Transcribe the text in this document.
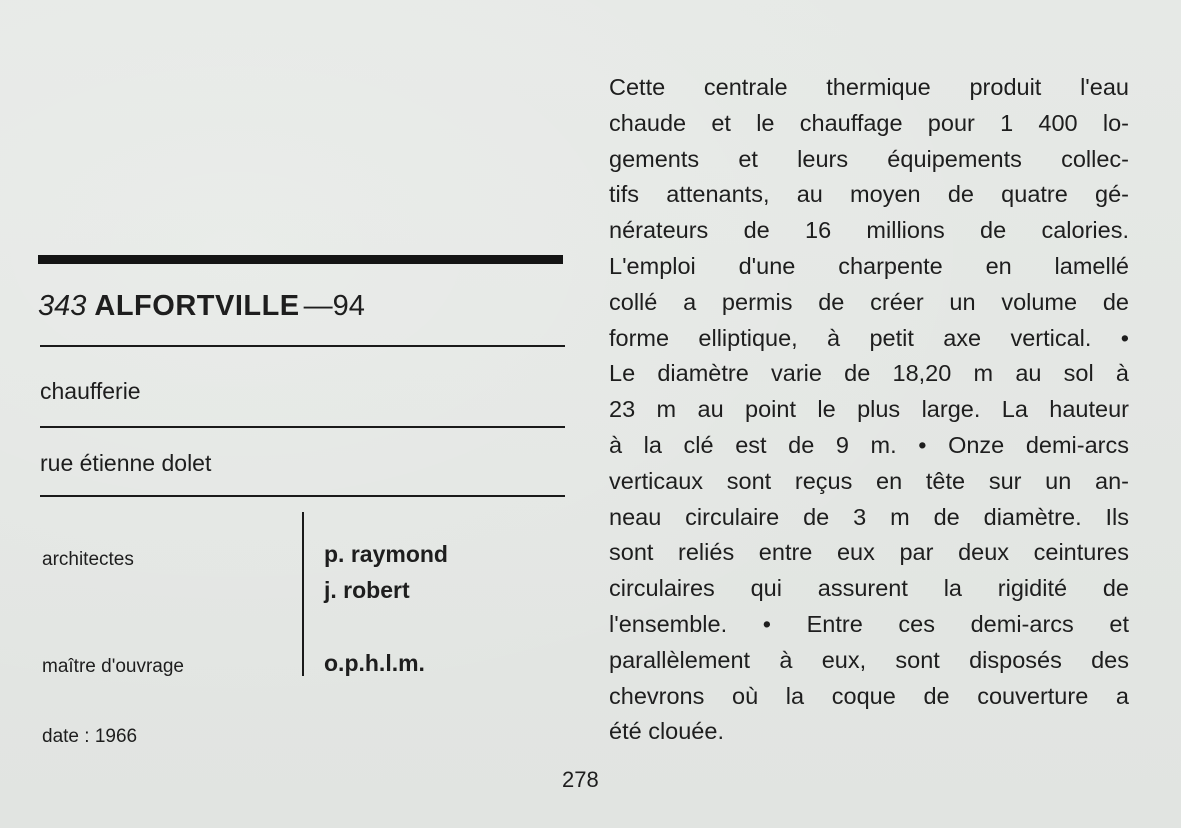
343 ALFORTVILLE —94
chaufferie
rue étienne dolet
architectes	p. raymond
j. robert
maître d'ouvrage	o.p.h.l.m.
date : 1966
Cette centrale thermique produit l'eau
chaude et le chauffage pour 1 400 lo-
gements et leurs équipements collec-
tifs attenants, au moyen de quatre gé-
nérateurs de 16 millions de calories.
L'emploi d'une charpente en lamellé
collé a permis de créer un volume de
forme elliptique, à petit axe vertical. •
Le diamètre varie de 18,20 m au sol à
23 m au point le plus large. La hauteur
à la clé est de 9 m. • Onze demi-arcs
verticaux sont reçus en tête sur un an-
neau circulaire de 3 m de diamètre. Ils
sont reliés entre eux par deux ceintures
circulaires qui assurent la rigidité de
l'ensemble. • Entre ces demi-arcs et
parallèlement à eux, sont disposés des
chevrons où la coque de couverture a
été clouée.
278
